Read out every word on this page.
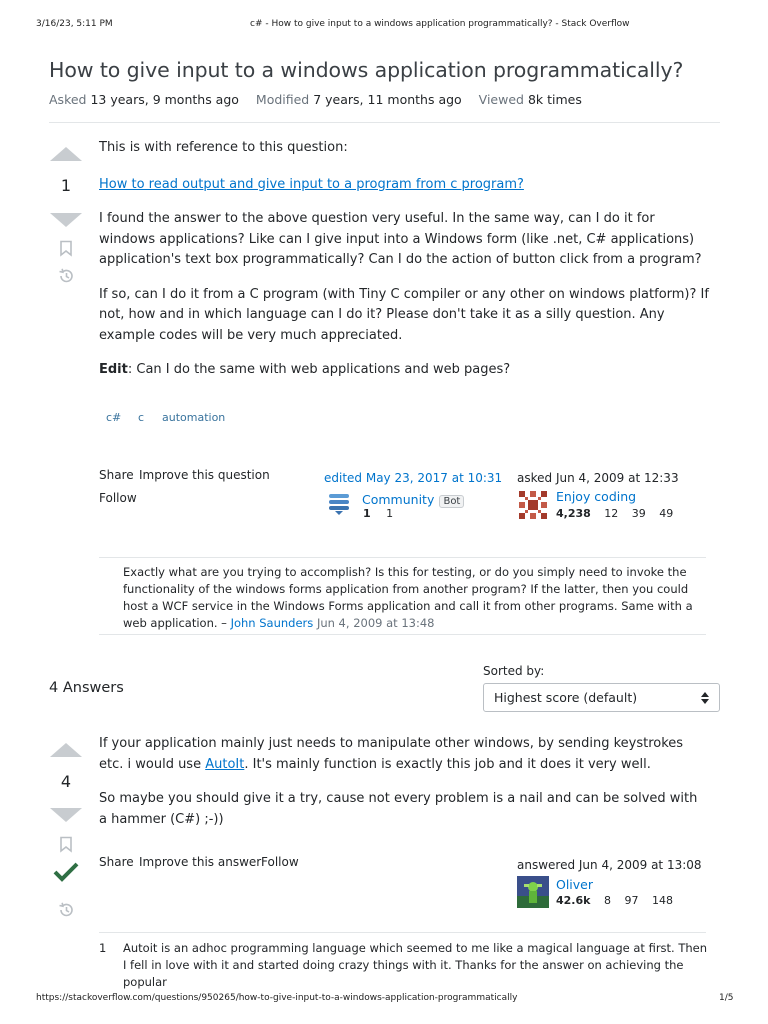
3/16/23, 5:11 PM	c# - How to give input to a windows application programmatically? - Stack Overflow
How to give input to a windows application programmatically?
Asked 13 years, 9 months ago Modified 7 years, 11 months ago Viewed 8k times
1

This is with reference to this question:

How to read output and give input to a program from c program?

I found the answer to the above question very useful. In the same way, can I do it for windows applications? Like can I give input into a Windows form (like .net, C# applications) application's text box programmatically? Can I do the action of button click from a program?

If so, can I do it from a C program (with Tiny C compiler or any other on windows platform)? If not, how and in which language can I do it? Please don't take it as a silly question. Any example codes will be very much appreciated.

Edit: Can I do the same with web applications and web pages?

c# c automation
Share Improve this question
Follow
edited May 23, 2017 at 10:31
Community Bot
1 1
asked Jun 4, 2009 at 12:33
Enjoy coding
4,238 12 39 49
Exactly what are you trying to accomplish? Is this for testing, or do you simply need to invoke the functionality of the windows forms application from another program? If the latter, then you could host a WCF service in the Windows Forms application and call it from other programs. Same with a web application. – John Saunders Jun 4, 2009 at 13:48
4 Answers
Sorted by:
Highest score (default)
4

If your application mainly just needs to manipulate other windows, by sending keystrokes etc. i would use AutoIt. It's mainly function is exactly this job and it does it very well.

So maybe you should give it a try, cause not every problem is a nail and can be solved with a hammer (C#) ;-))

Share Improve this answer Follow	answered Jun 4, 2009 at 13:08
Oliver
42.6k 8 97 148
1 Autoit is an adhoc programming language which seemed to me like a magical language at first. Then I fell in love with it and started doing crazy things with it. Thanks for the answer on achieving the popular
https://stackoverflow.com/questions/950265/how-to-give-input-to-a-windows-application-programmatically	1/5
